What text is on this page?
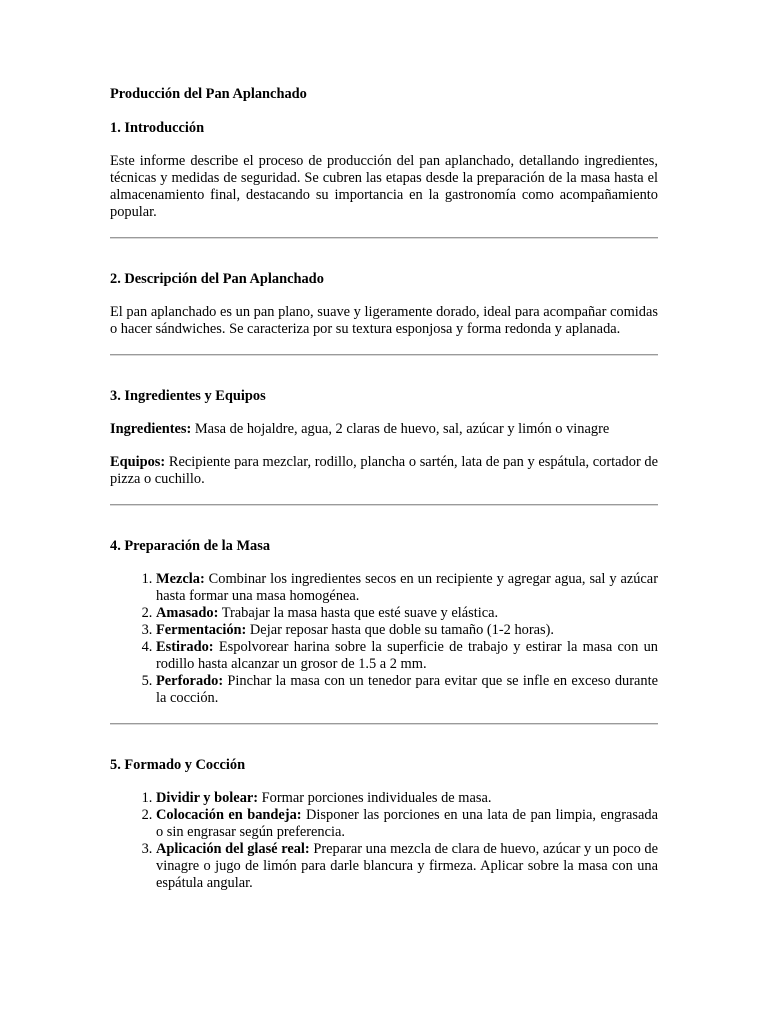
Producción del Pan Aplanchado
1. Introducción

Este informe describe el proceso de producción del pan aplanchado, detallando ingredientes, técnicas y medidas de seguridad. Se cubren las etapas desde la preparación de la masa hasta el almacenamiento final, destacando su importancia en la gastronomía como acompañamiento popular.

2. Descripción del Pan Aplanchado

El pan aplanchado es un pan plano, suave y ligeramente dorado, ideal para acompañar comidas o hacer sándwiches. Se caracteriza por su textura esponjosa y forma redonda y aplanada.

3. Ingredientes y Equipos

Ingredientes: Masa de hojaldre, agua, 2 claras de huevo, sal, azúcar y limón o vinagre

Equipos: Recipiente para mezclar, rodillo, plancha o sartén, lata de pan y espátula, cortador de pizza o cuchillo.

4. Preparación de la Masa
1. Mezcla: Combinar los ingredientes secos en un recipiente y agregar agua, sal y azúcar hasta formar una masa homogénea.
2. Amasado: Trabajar la masa hasta que esté suave y elástica.
3. Fermentación: Dejar reposar hasta que doble su tamaño (1-2 horas).
4. Estirado: Espolvorear harina sobre la superficie de trabajo y estirar la masa con un rodillo hasta alcanzar un grosor de 1.5 a 2 mm.
5. Perforado: Pinchar la masa con un tenedor para evitar que se infle en exceso durante la cocción.
5. Formado y Cocción
1. Dividir y bolear: Formar porciones individuales de masa.
2. Colocación en bandeja: Disponer las porciones en una lata de pan limpia, engrasada o sin engrasar según preferencia.
3. Aplicación del glasé real: Preparar una mezcla de clara de huevo, azúcar y un poco de vinagre o jugo de limón para darle blancura y firmeza. Aplicar sobre la masa con una espátula angular.
